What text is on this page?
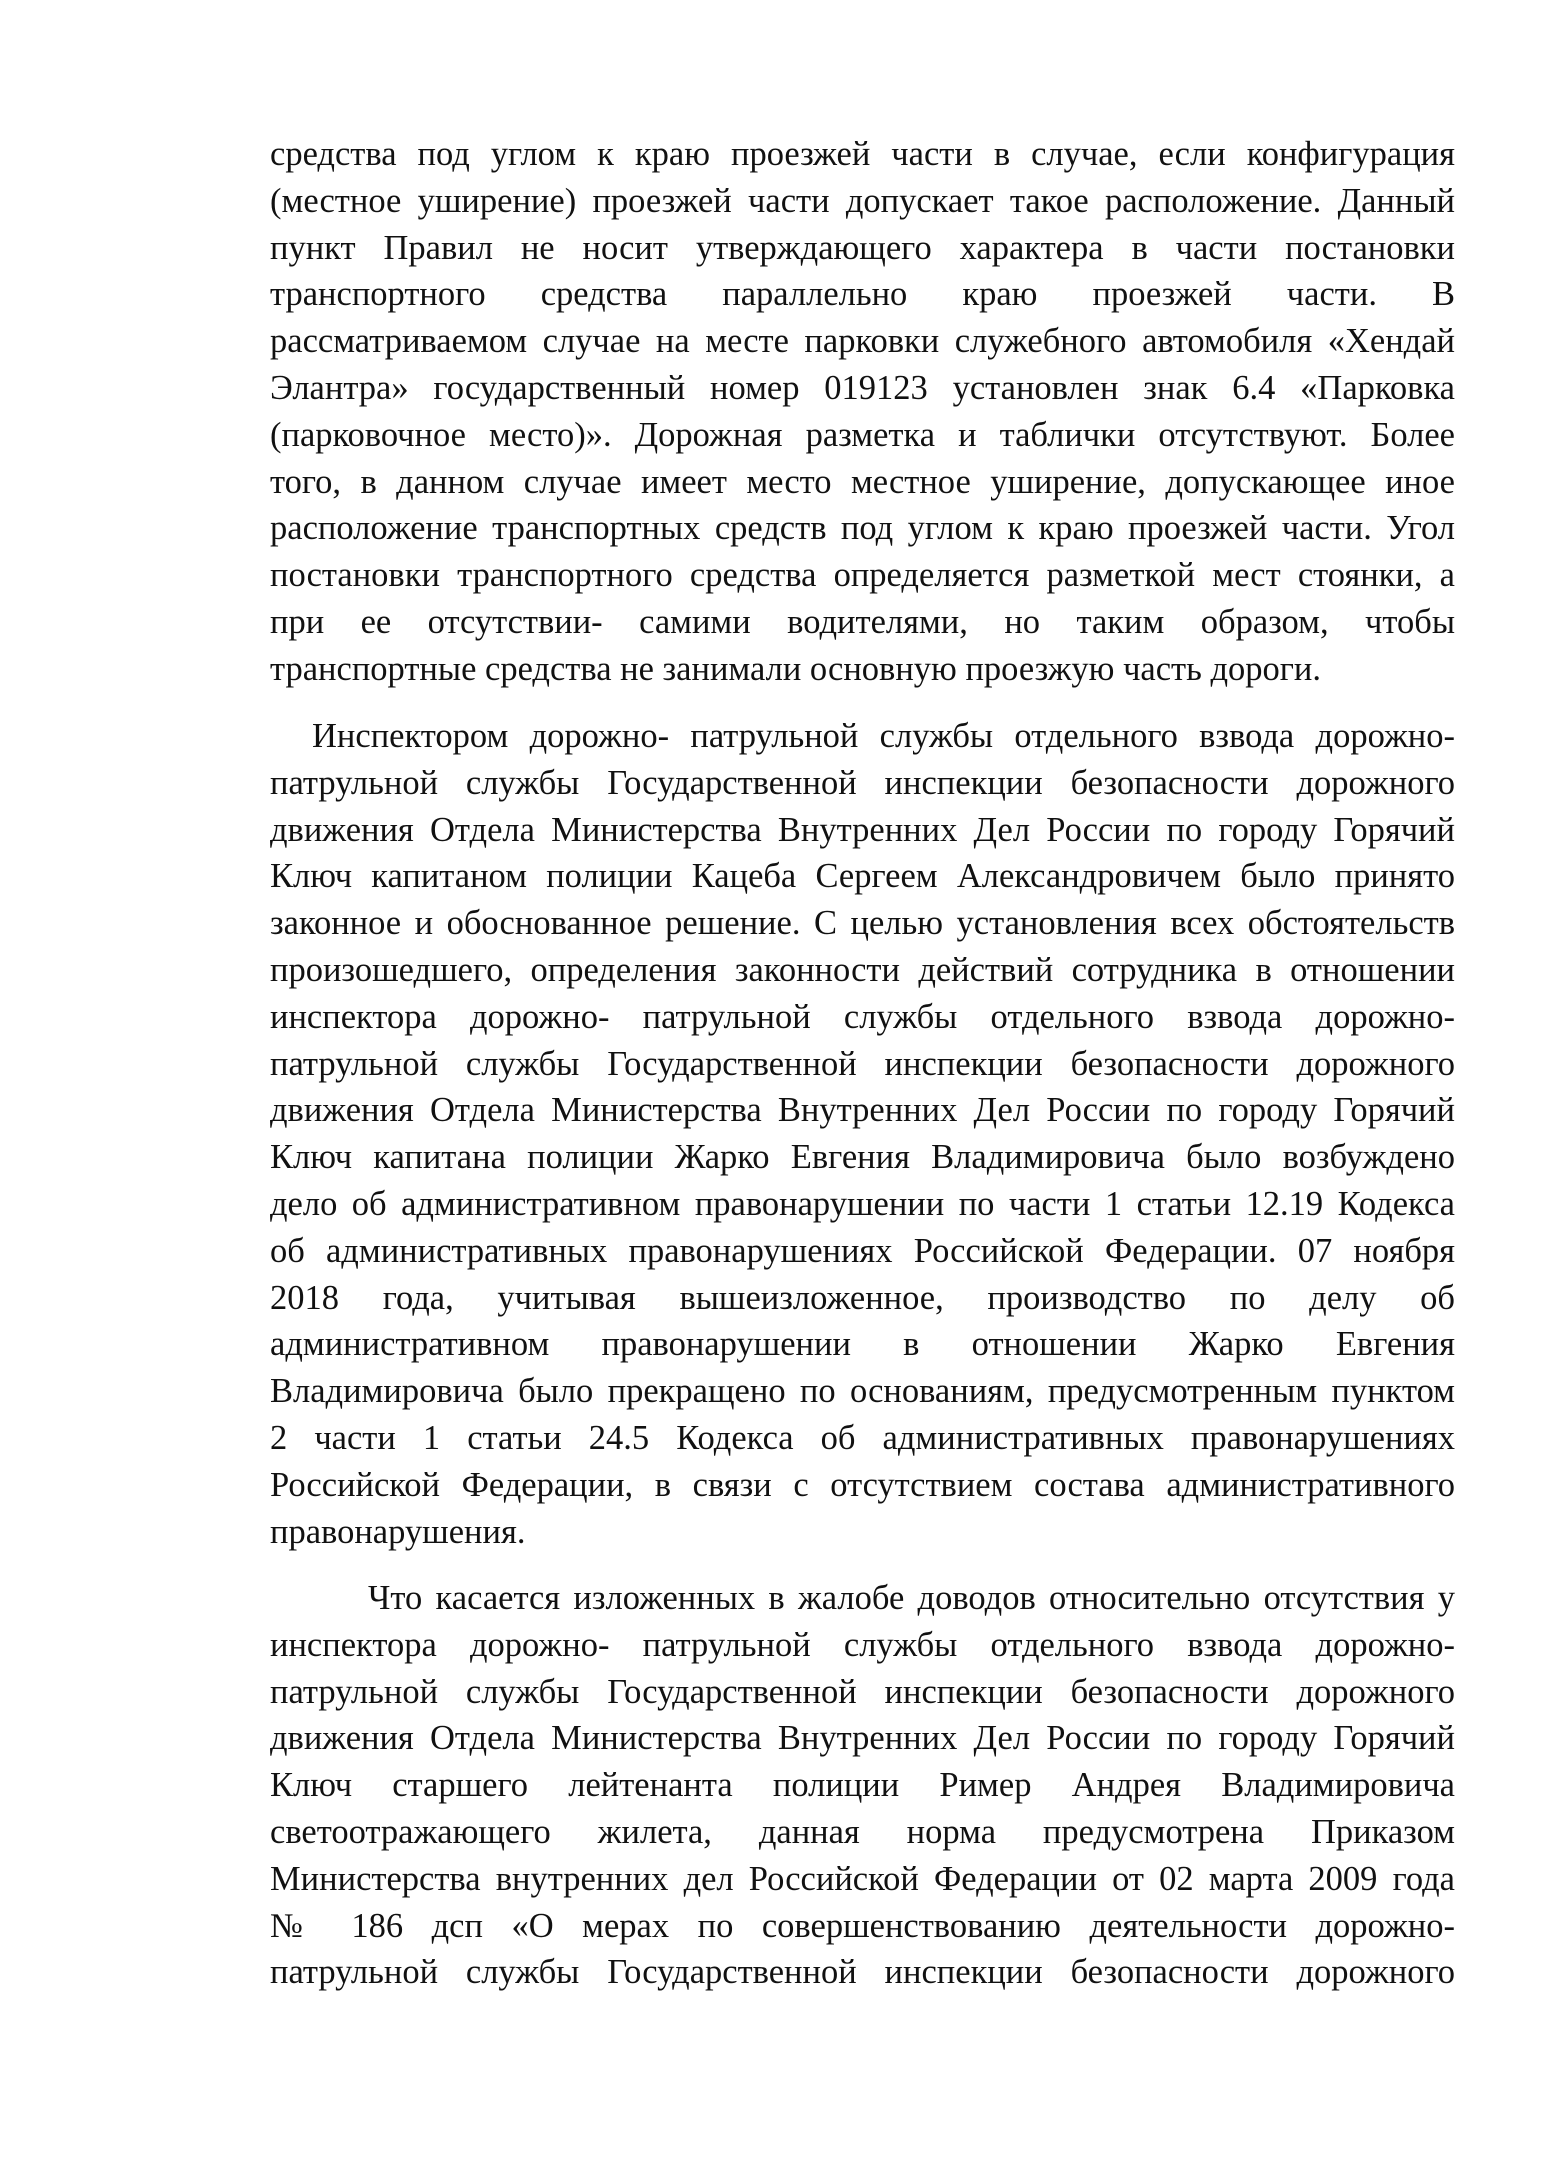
средства под углом к краю проезжей части в случае, если конфигурация
(местное уширение) проезжей части допускает такое расположение. Данный
пункт Правил не носит утверждающего характера в части постановки
транспортного средства параллельно краю проезжей части. В
рассматриваемом случае на месте парковки служебного автомобиля «Хендай
Элантра» государственный номер 019123 установлен знак 6.4 «Парковка
(парковочное место)». Дорожная разметка и таблички отсутствуют. Более
того, в данном случае имеет место местное уширение, допускающее иное
расположение транспортных средств под углом к краю проезжей части. Угол
постановки транспортного средства определяется разметкой мест стоянки, а
при ее отсутствии- самими водителями, но таким образом, чтобы
транспортные средства не занимали основную проезжую часть дороги.
Инспектором дорожно- патрульной службы отдельного взвода дорожно-
патрульной службы Государственной инспекции безопасности дорожного
движения Отдела Министерства Внутренних Дел России по городу Горячий
Ключ капитаном полиции Кацеба Сергеем Александровичем было принято
законное и обоснованное решение. С целью установления всех обстоятельств
произошедшего, определения законности действий сотрудника в отношении
инспектора дорожно- патрульной службы отдельного взвода дорожно-
патрульной службы Государственной инспекции безопасности дорожного
движения Отдела Министерства Внутренних Дел России по городу Горячий
Ключ капитана полиции Жарко Евгения Владимировича было возбуждено
дело об административном правонарушении по части 1 статьи 12.19 Кодекса
об административных правонарушениях Российской Федерации. 07 ноября
2018 года, учитывая вышеизложенное, производство по делу об
административном правонарушении в отношении Жарко Евгения
Владимировича было прекращено по основаниям, предусмотренным пунктом
2 части 1 статьи 24.5 Кодекса об административных правонарушениях
Российской Федерации, в связи с отсутствием состава административного
правонарушения.
Что касается изложенных в жалобе доводов относительно отсутствия у
инспектора дорожно- патрульной службы отдельного взвода дорожно-
патрульной службы Государственной инспекции безопасности дорожного
движения Отдела Министерства Внутренних Дел России по городу Горячий
Ключ старшего лейтенанта полиции Ример Андрея Владимировича
светоотражающего жилета, данная норма предусмотрена Приказом
Министерства внутренних дел Российской Федерации от 02 марта 2009 года
№ 186 дсп «О мерах по совершенствованию деятельности дорожно-
патрульной службы Государственной инспекции безопасности дорожного
